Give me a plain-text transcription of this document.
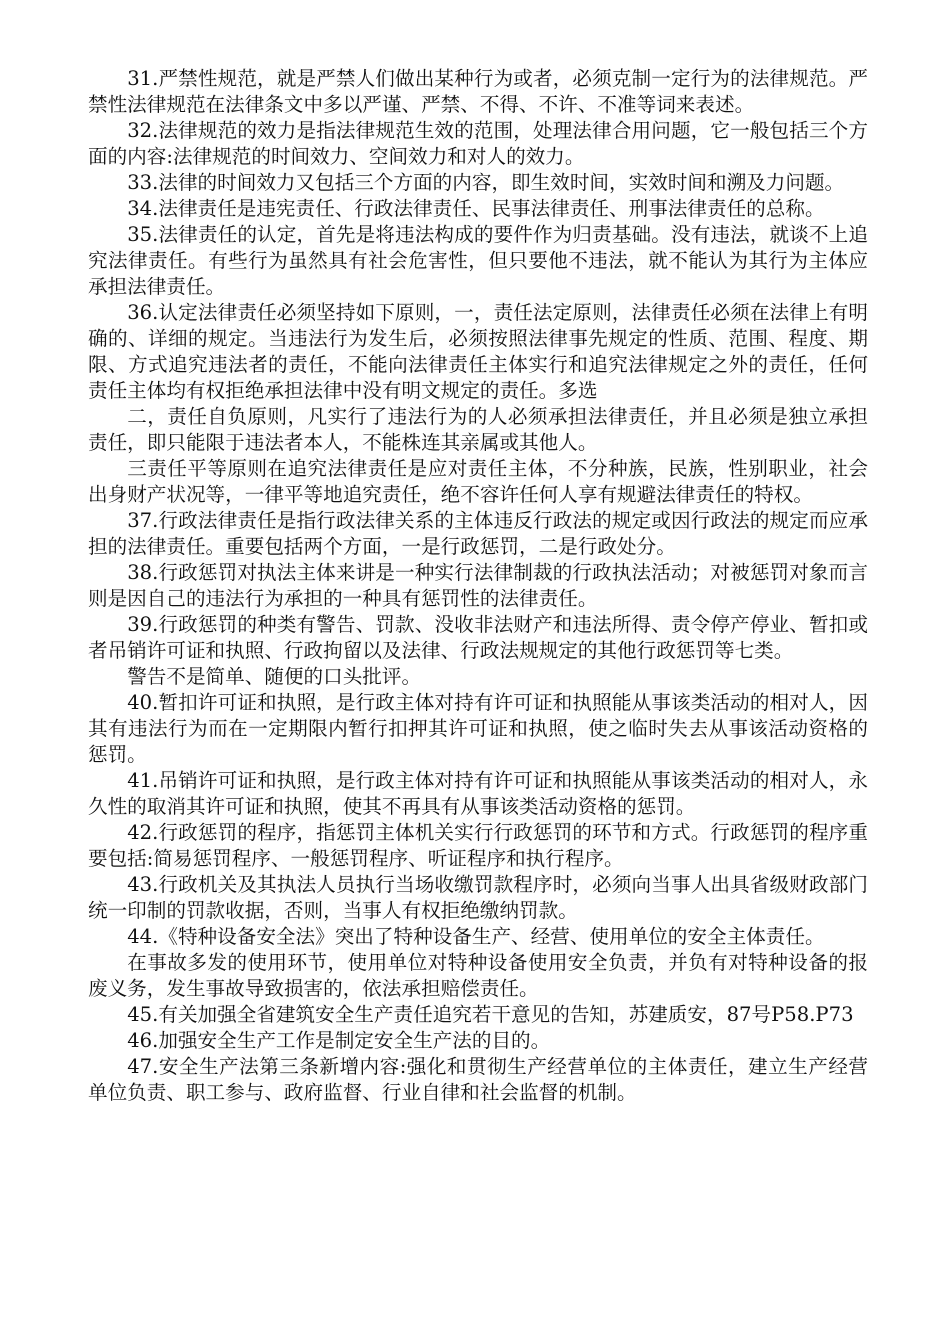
31.严禁性规范，就是严禁人们做出某种行为或者，必须克制一定行为的法律规范。严禁性法律规范在法律条文中多以严谨、严禁、不得、不许、不准等词来表述。

32.法律规范的效力是指法律规范生效的范围，处理法律合用问题，它一般包括三个方面的内容:法律规范的时间效力、空间效力和对人的效力。

33.法律的时间效力又包括三个方面的内容，即生效时间，实效时间和溯及力问题。

34.法律责任是违宪责任、行政法律责任、民事法律责任、刑事法律责任的总称。

35.法律责任的认定，首先是将违法构成的要件作为归责基础。没有违法，就谈不上追究法律责任。有些行为虽然具有社会危害性，但只要他不违法，就不能认为其行为主体应承担法律责任。

36.认定法律责任必须坚持如下原则，一，责任法定原则，法律责任必须在法律上有明确的、详细的规定。当违法行为发生后，必须按照法律事先规定的性质、范围、程度、期限、方式追究违法者的责任，不能向法律责任主体实行和追究法律规定之外的责任，任何责任主体均有权拒绝承担法律中没有明文规定的责任。多选

二，责任自负原则，凡实行了违法行为的人必须承担法律责任，并且必须是独立承担责任，即只能限于违法者本人，不能株连其亲属或其他人。

三责任平等原则在追究法律责任是应对责任主体，不分种族，民族，性别职业，社会出身财产状况等，一律平等地追究责任，绝不容许任何人享有规避法律责任的特权。

37.行政法律责任是指行政法律关系的主体违反行政法的规定或因行政法的规定而应承担的法律责任。重要包括两个方面，一是行政惩罚，二是行政处分。

38.行政惩罚对执法主体来讲是一种实行法律制裁的行政执法活动；对被惩罚对象而言则是因自己的违法行为承担的一种具有惩罚性的法律责任。

39.行政惩罚的种类有警告、罚款、没收非法财产和违法所得、责令停产停业、暂扣或者吊销许可证和执照、行政拘留以及法律、行政法规规定的其他行政惩罚等七类。

警告不是简单、随便的口头批评。

40.暂扣许可证和执照，是行政主体对持有许可证和执照能从事该类活动的相对人，因其有违法行为而在一定期限内暂行扣押其许可证和执照，使之临时失去从事该活动资格的惩罚。

41.吊销许可证和执照，是行政主体对持有许可证和执照能从事该类活动的相对人，永久性的取消其许可证和执照，使其不再具有从事该类活动资格的惩罚。

42.行政惩罚的程序，指惩罚主体机关实行行政惩罚的环节和方式。行政惩罚的程序重要包括:简易惩罚程序、一般惩罚程序、听证程序和执行程序。

43.行政机关及其执法人员执行当场收缴罚款程序时，必须向当事人出具省级财政部门统一印制的罚款收据，否则，当事人有权拒绝缴纳罚款。

44.《特种设备安全法》突出了特种设备生产、经营、使用单位的安全主体责任。

在事故多发的使用环节，使用单位对特种设备使用安全负责，并负有对特种设备的报废义务，发生事故导致损害的，依法承担赔偿责任。

45.有关加强全省建筑安全生产责任追究若干意见的告知，苏建质安，87号P58.P73

46.加强安全生产工作是制定安全生产法的目的。

47.安全生产法第三条新增内容:强化和贯彻生产经营单位的主体责任，建立生产经营单位负责、职工参与、政府监督、行业自律和社会监督的机制。
